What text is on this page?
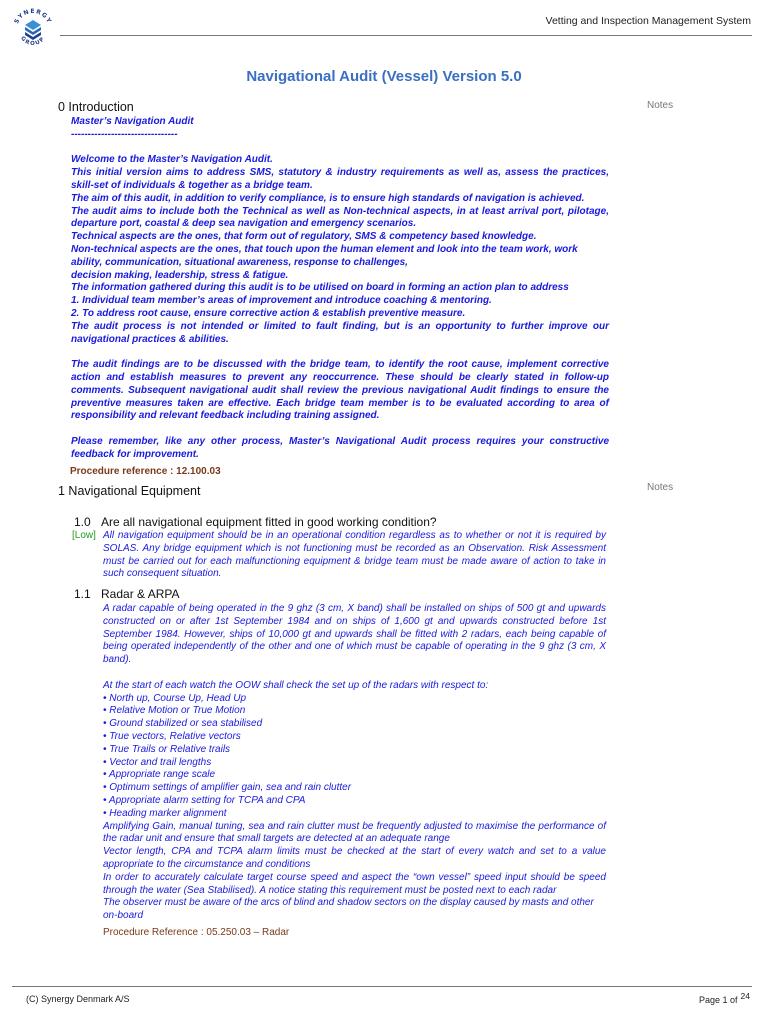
SYNERGY
GROUP
Vetting and Inspection Management System
Navigational Audit (Vessel) Version 5.0
0 Introduction	Notes

Master’s Navigation Audit

--------------------------------

Welcome to the Master’s Navigation Audit.

This initial version aims to address SMS, statutory & industry requirements as well as, assess the practices, skill-set of individuals & together as a bridge team.

The aim of this audit, in addition to verify compliance, is to ensure high standards of navigation is achieved.

The audit aims to include both the Technical as well as Non-technical aspects, in at least arrival port, pilotage, departure port, coastal & deep sea navigation and emergency scenarios.

Technical aspects are the ones, that form out of regulatory, SMS & competency based knowledge.

Non-technical aspects are the ones, that touch upon the human element and look into the team work, work ability, communication, situational awareness, response to challenges,

decision making, leadership, stress & fatigue.

The information gathered during this audit is to be utilised on board in forming an action plan to address

1. Individual team member’s areas of improvement and introduce coaching & mentoring.

2. To address root cause, ensure corrective action & establish preventive measure.

The audit process is not intended or limited to fault finding, but is an opportunity to further improve our navigational practices & abilities.

The audit findings are to be discussed with the bridge team, to identify the root cause, implement corrective action and establish measures to prevent any reoccurrence. These should be clearly stated in follow-up comments. Subsequent navigational audit shall review the previous navigational Audit findings to ensure the preventive measures taken are effective. Each bridge team member is to be evaluated according to area of responsibility and relevant feedback including training assigned.

Please remember, like any other process, Master’s Navigational Audit process requires your constructive feedback for improvement.

Procedure reference : 12.100.03
1 Navigational Equipment	Notes
1.0 Are all navigational equipment fitted in good working condition?
[Low] All navigation equipment should be in an operational condition regardless as to whether or not it is required by SOLAS. Any bridge equipment which is not functioning must be recorded as an Observation. Risk Assessment must be carried out for each malfunctioning equipment & bridge team must be made aware of action to take in such consequent situation.

1.1 Radar & ARPA

A radar capable of being operated in the 9 ghz (3 cm, X band) shall be installed on ships of 500 gt and upwards constructed on or after 1st September 1984 and on ships of 1,600 gt and upwards constructed before 1st September 1984. However, ships of 10,000 gt and upwards shall be fitted with 2 radars, each being capable of being operated independently of the other and one of which must be capable of operating in the 9 ghz (3 cm, X band).

At the start of each watch the OOW shall check the set up of the radars with respect to:

• North up, Course Up, Head Up

• Relative Motion or True Motion

• Ground stabilized or sea stabilised

• True vectors, Relative vectors

• True Trails or Relative trails

• Vector and trail lengths

• Appropriate range scale

• Optimum settings of amplifier gain, sea and rain clutter

• Appropriate alarm setting for TCPA and CPA

• Heading marker alignment

Amplifying Gain, manual tuning, sea and rain clutter must be frequently adjusted to maximise the performance of the radar unit and ensure that small targets are detected at an adequate range

Vector length, CPA and TCPA alarm limits must be checked at the start of every watch and set to a value appropriate to the circumstance and conditions

In order to accurately calculate target course speed and aspect the “own vessel” speed input should be speed through the water (Sea Stabilised). A notice stating this requirement must be posted next to each radar

The observer must be aware of the arcs of blind and shadow sectors on the display caused by masts and other on-board

Procedure Reference : 05.250.03 – Radar
(C) Synergy Denmark A/S	Page 1 of $^{24}$
